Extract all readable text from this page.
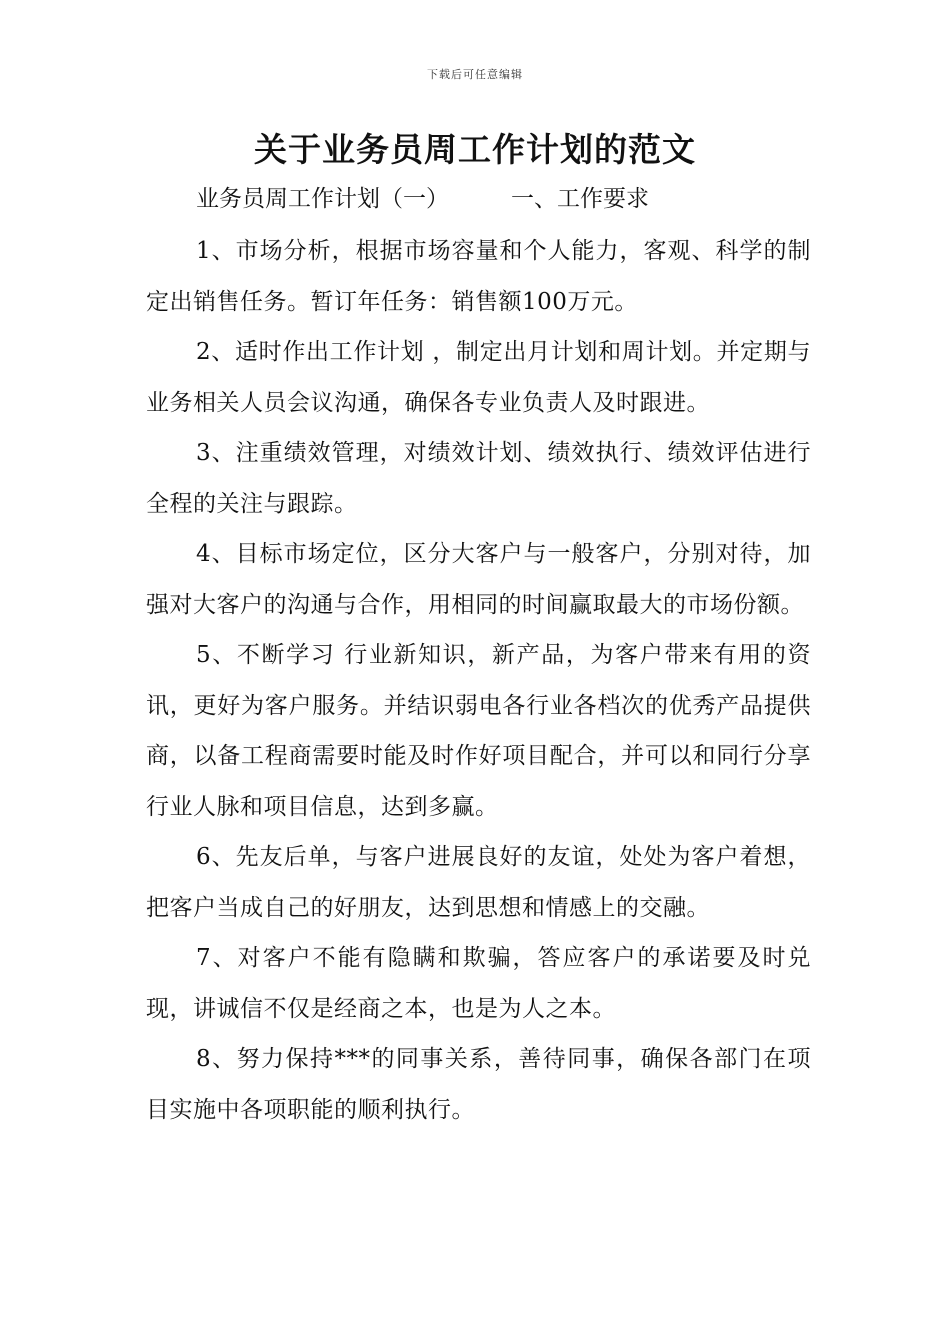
下载后可任意编辑
关于业务员周工作计划的范文
业务员周工作计划（一）	一、工作要求

1、市场分析，根据市场容量和个人能力，客观、科学的制定出销售任务。暂订年任务：销售额100万元。

2、适时作出工作计划 ，制定出月计划和周计划。并定期与业务相关人员会议沟通，确保各专业负责人及时跟进。

3、注重绩效管理，对绩效计划、绩效执行、绩效评估进行全程的关注与跟踪。

4、目标市场定位，区分大客户与一般客户，分别对待，加强对大客户的沟通与合作，用相同的时间赢取最大的市场份额。

5、不断学习 行业新知识，新产品，为客户带来有用的资讯，更好为客户服务。并结识弱电各行业各档次的优秀产品提供商，以备工程商需要时能及时作好项目配合，并可以和同行分享行业人脉和项目信息，达到多赢。

6、先友后单，与客户进展良好的友谊，处处为客户着想，把客户当成自己的好朋友，达到思想和情感上的交融。

7、对客户不能有隐瞒和欺骗，答应客户的承诺要及时兑现，讲诚信不仅是经商之本，也是为人之本。

8、努力保持***的同事关系，善待同事，确保各部门在项目实施中各项职能的顺利执行。
